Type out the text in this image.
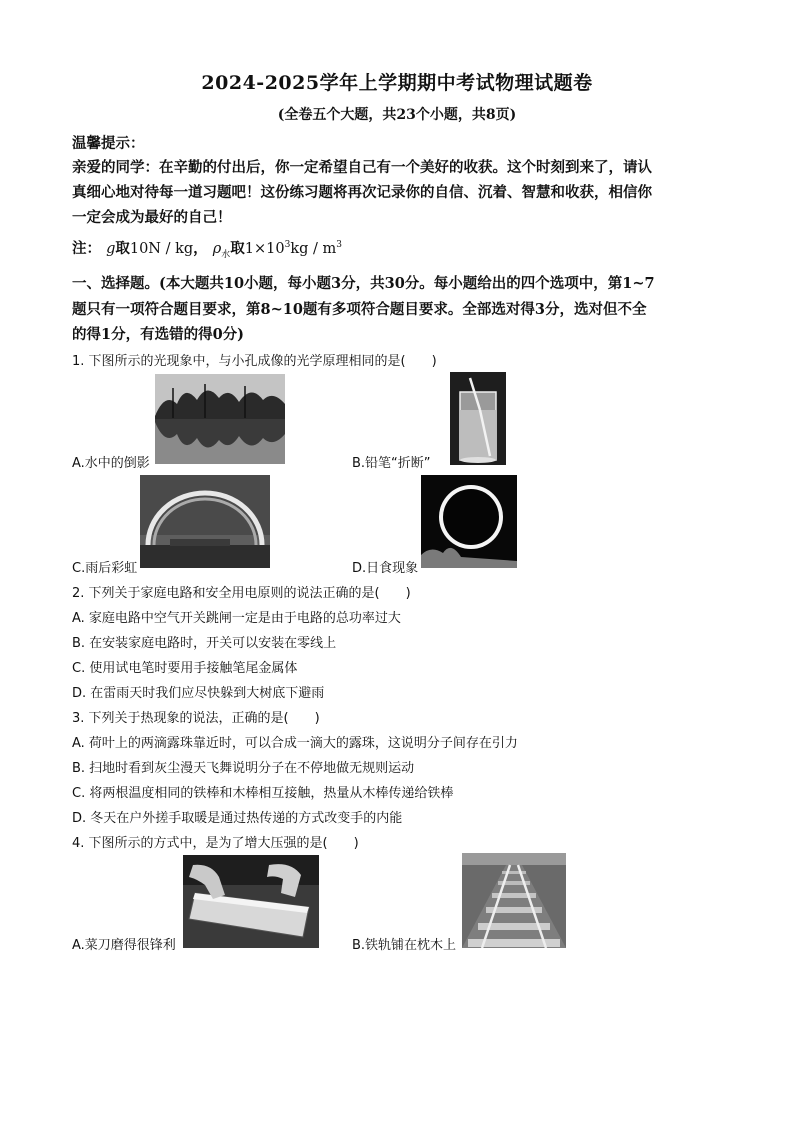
2024-2025学年上学期期中考试物理试题卷
(全卷五个大题，共23个小题，共8页)
温馨提示：
亲爱的同学：在辛勤的付出后，你一定希望自己有一个美好的收获。这个时刻到来了，请认
真细心地对待每一道习题吧！这份练习题将再次记录你的自信、沉着、智慧和收获，相信你
一定会成为最好的自己！
注： g取10N / kg， $\rho_水$取$1\times 10^3kg / m^3$
一、选择题。(本大题共10小题，每小题3分，共30分。每小题给出的四个选项中，第1~7
题只有一项符合题目要求，第8~10题有多项符合题目要求。全部选对得3分，选对但不全
的得1分，有选错的得0分)
1. 下图所示的光现象中，与小孔成像的光学原理相同的是(　　)
A.水中的倒影	B.铅笔“折断”
C.雨后彩虹	D.日食现象
2. 下列关于家庭电路和安全用电原则的说法正确的是(　　)
A. 家庭电路中空气开关跳闸一定是由于电路的总功率过大
B. 在安装家庭电路时，开关可以安装在零线上
C. 使用试电笔时要用手接触笔尾金属体
D. 在雷雨天时我们应尽快躲到大树底下避雨
3. 下列关于热现象的说法，正确的是(　　)
A. 荷叶上的两滴露珠靠近时，可以合成一滴大的露珠，这说明分子间存在引力
B. 扫地时看到灰尘漫天飞舞说明分子在不停地做无规则运动
C. 将两根温度相同的铁棒和木棒相互接触，热量从木棒传递给铁棒
D. 冬天在户外搓手取暖是通过热传递的方式改变手的内能
4. 下图所示的方式中，是为了增大压强的是(　　)
A.菜刀磨得很锋利	B.铁轨铺在枕木上
